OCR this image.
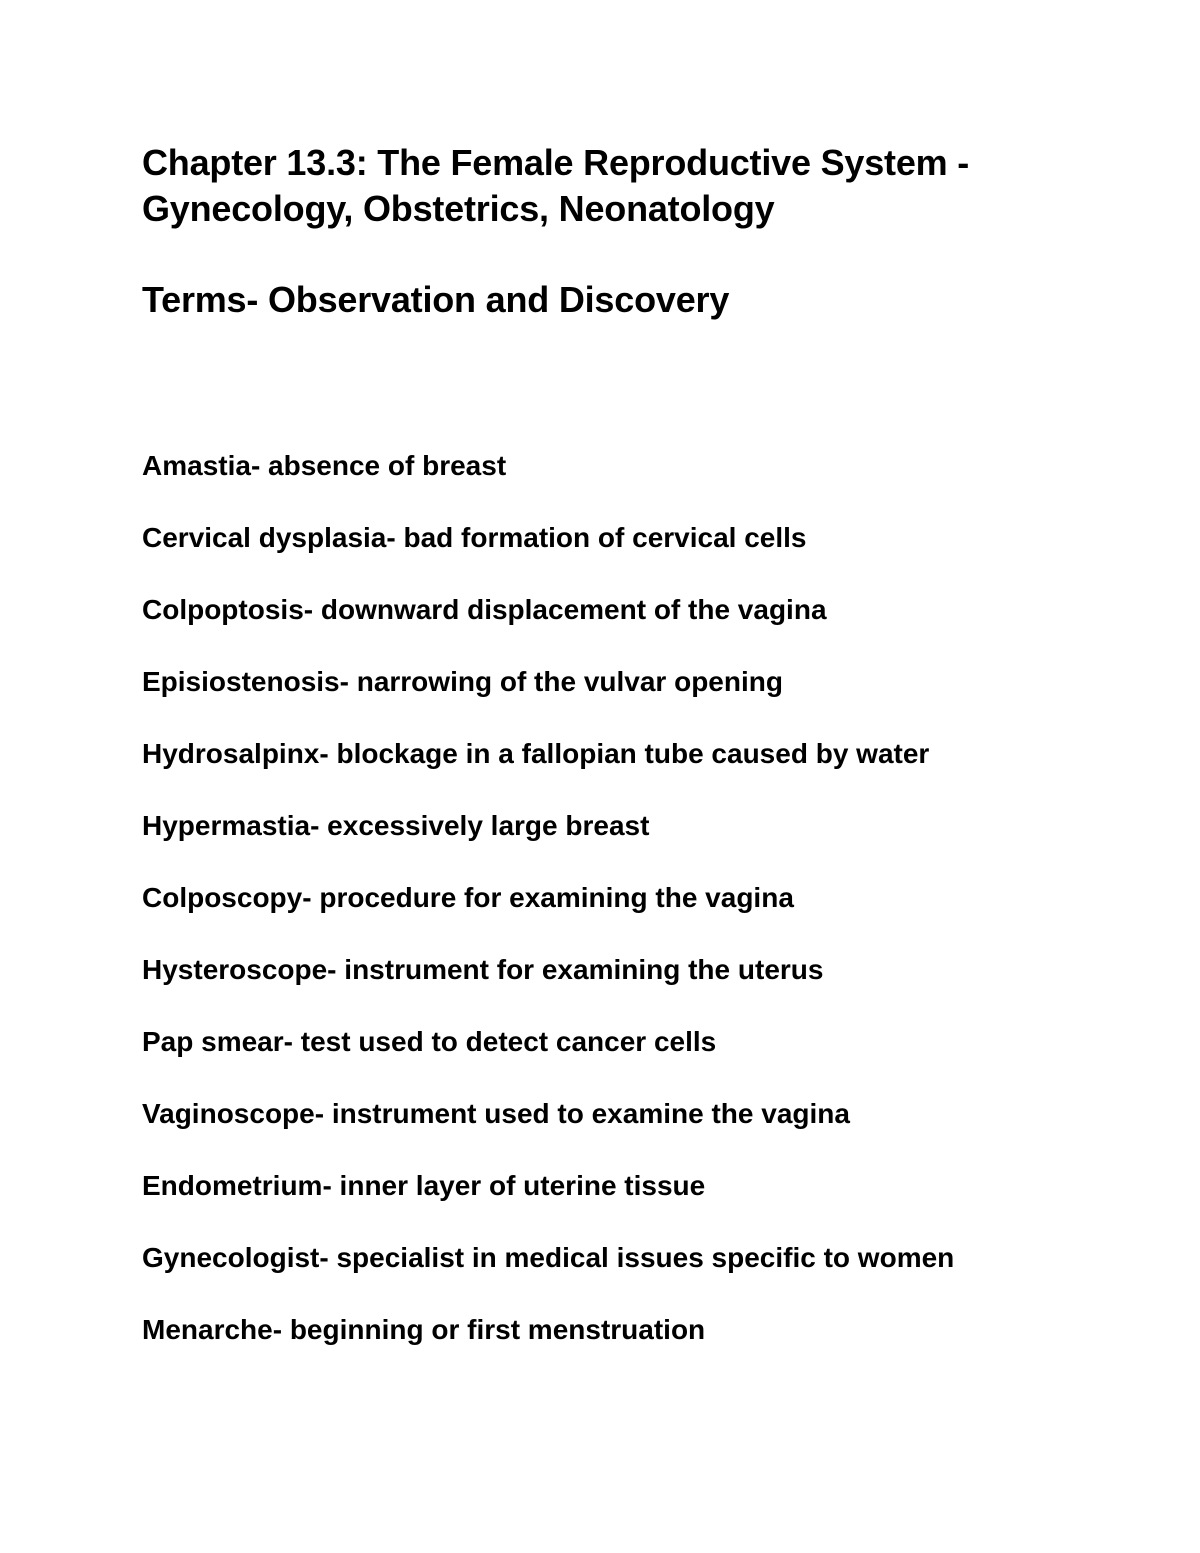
Chapter 13.3: The Female Reproductive System - Gynecology, Obstetrics, Neonatology
Terms- Observation and Discovery
Amastia- absence of breast
Cervical dysplasia- bad formation of cervical cells
Colpoptosis- downward displacement of the vagina
Episiostenosis- narrowing of the vulvar opening
Hydrosalpinx- blockage in a fallopian tube caused by water
Hypermastia- excessively large breast
Colposcopy- procedure for examining the vagina
Hysteroscope- instrument for examining the uterus
Pap smear- test used to detect cancer cells
Vaginoscope- instrument used to examine the vagina
Endometrium- inner layer of uterine tissue
Gynecologist- specialist in medical issues specific to women
Menarche- beginning or first menstruation
